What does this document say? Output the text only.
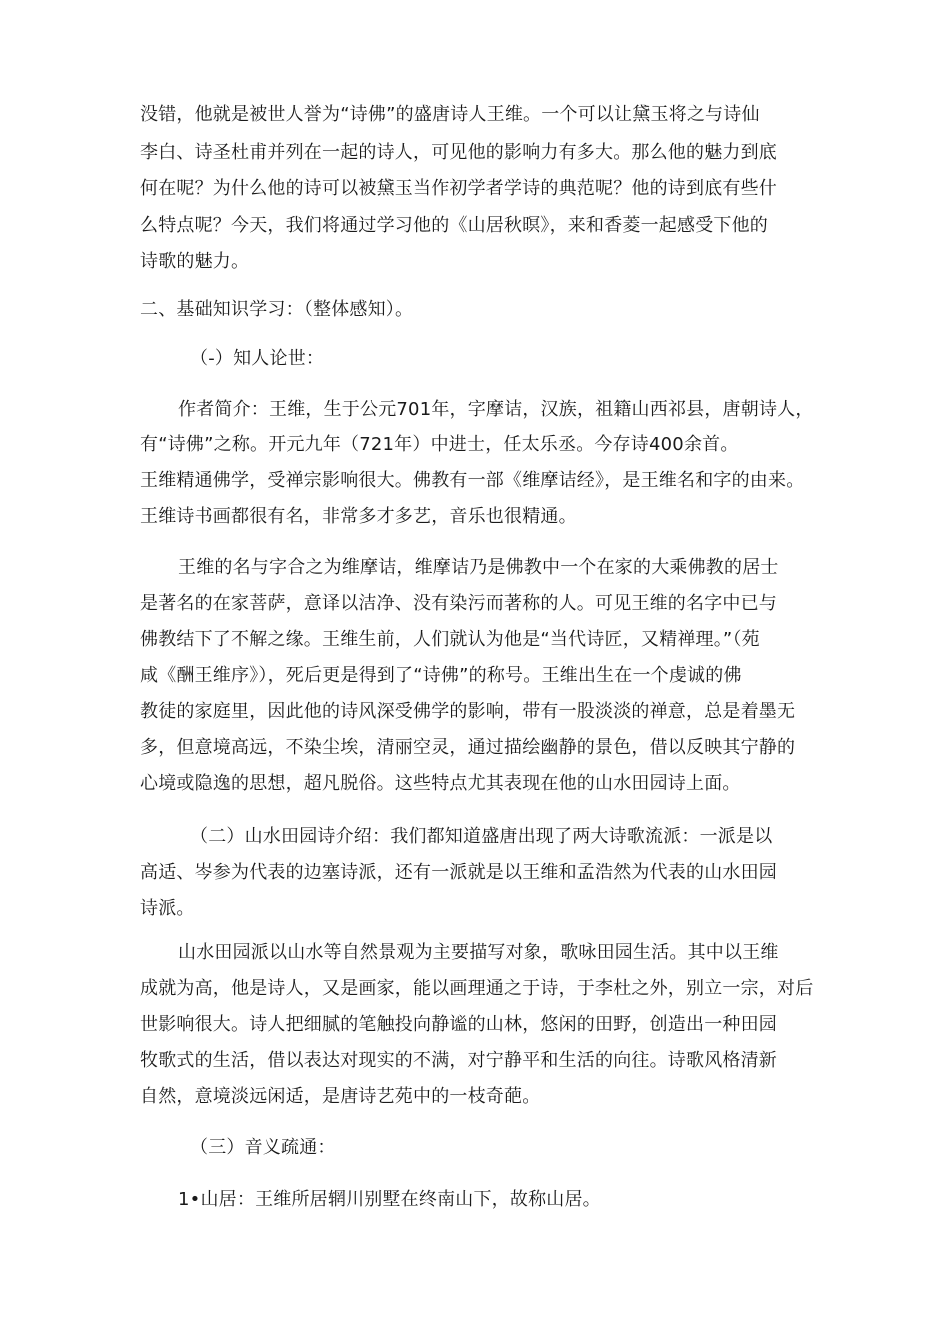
没错，他就是被世人誉为“诗佛”的盛唐诗人王维。一个可以让黛玉将之与诗仙
李白、诗圣杜甫并列在一起的诗人，可见他的影响力有多大。那么他的魅力到底
何在呢？为什么他的诗可以被黛玉当作初学者学诗的典范呢？他的诗到底有些什
么特点呢？今天，我们将通过学习他的《山居秋暝》，来和香菱一起感受下他的
诗歌的魅力。
二、基础知识学习：（整体感知）。
（-）知人论世：
作者简介：王维，生于公元701年，字摩诘，汉族，祖籍山西祁县，唐朝诗人，
有“诗佛”之称。开元九年（721年）中进士，任太乐丞。今存诗400余首。
王维精通佛学，受禅宗影响很大。佛教有一部《维摩诘经》，是王维名和字的由来。
王维诗书画都很有名，非常多才多艺，音乐也很精通。
王维的名与字合之为维摩诘，维摩诘乃是佛教中一个在家的大乘佛教的居士
是著名的在家菩萨，意译以洁净、没有染污而著称的人。可见王维的名字中已与
佛教结下了不解之缘。王维生前，人们就认为他是“当代诗匠，又精禅理。”（苑
咸《酬王维序》），死后更是得到了“诗佛”的称号。王维出生在一个虔诚的佛
教徒的家庭里，因此他的诗风深受佛学的影响，带有一股淡淡的禅意，总是着墨无
多，但意境高远，不染尘埃，清丽空灵，通过描绘幽静的景色，借以反映其宁静的
心境或隐逸的思想，超凡脱俗。这些特点尤其表现在他的山水田园诗上面。
（二）山水田园诗介绍：我们都知道盛唐出现了两大诗歌流派：一派是以
高适、岑参为代表的边塞诗派，还有一派就是以王维和孟浩然为代表的山水田园
诗派。
山水田园派以山水等自然景观为主要描写对象，歌咏田园生活。其中以王维
成就为高，他是诗人，又是画家，能以画理通之于诗，于李杜之外，别立一宗，对后
世影响很大。诗人把细腻的笔触投向静谧的山林，悠闲的田野，创造出一种田园
牧歌式的生活，借以表达对现实的不满，对宁静平和生活的向往。诗歌风格清新
自然，意境淡远闲适，是唐诗艺苑中的一枝奇葩。
（三）音义疏通：
1•山居：王维所居辋川别墅在终南山下，故称山居。
